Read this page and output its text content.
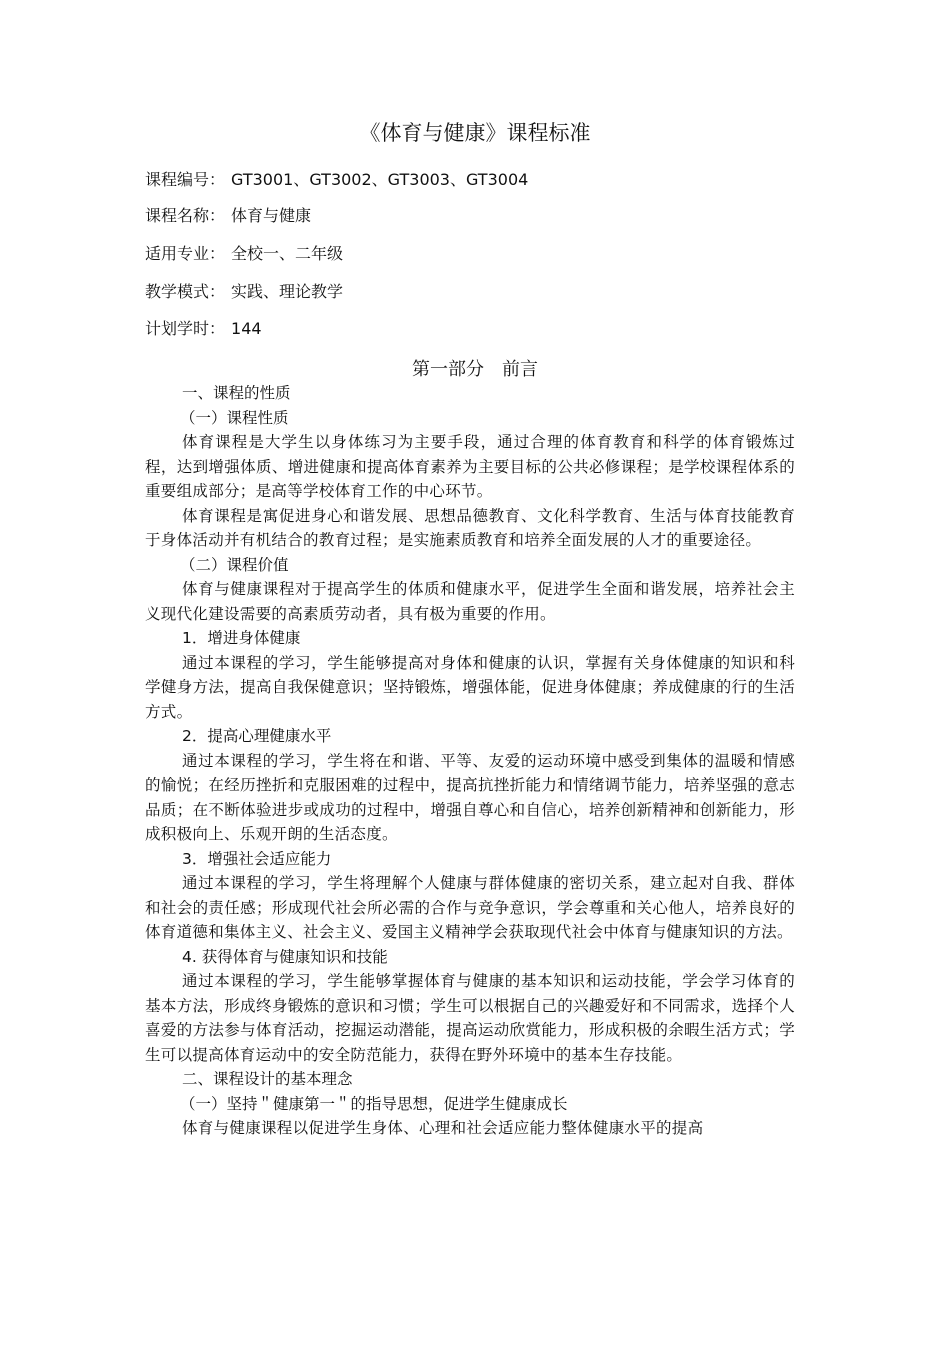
《体育与健康》课程标准
课程编号： GT3001、GT3002、GT3003、GT3004
课程名称： 体育与健康
适用专业： 全校一、二年级
教学模式： 实践、理论教学
计划学时： 144
第一部分　前言
一、课程的性质
（一）课程性质
体育课程是大学生以身体练习为主要手段，通过合理的体育教育和科学的体育锻炼过程，达到增强体质、增进健康和提高体育素养为主要目标的公共必修课程；是学校课程体系的重要组成部分；是高等学校体育工作的中心环节。
体育课程是寓促进身心和谐发展、思想品德教育、文化科学教育、生活与体育技能教育于身体活动并有机结合的教育过程；是实施素质教育和培养全面发展的人才的重要途径。
（二）课程价值
体育与健康课程对于提高学生的体质和健康水平，促进学生全面和谐发展，培养社会主义现代化建设需要的高素质劳动者，具有极为重要的作用。
1．增进身体健康
通过本课程的学习，学生能够提高对身体和健康的认识，掌握有关身体健康的知识和科学健身方法，提高自我保健意识；坚持锻炼，增强体能，促进身体健康；养成健康的行的生活方式。
2．提高心理健康水平
通过本课程的学习，学生将在和谐、平等、友爱的运动环境中感受到集体的温暖和情感的愉悦；在经历挫折和克服困难的过程中，提高抗挫折能力和情绪调节能力，培养坚强的意志品质；在不断体验进步或成功的过程中，增强自尊心和自信心，培养创新精神和创新能力，形成积极向上、乐观开朗的生活态度。
3．增强社会适应能力
通过本课程的学习，学生将理解个人健康与群体健康的密切关系，建立起对自我、群体和社会的责任感；形成现代社会所必需的合作与竞争意识，学会尊重和关心他人，培养良好的体育道德和集体主义、社会主义、爱国主义精神学会获取现代社会中体育与健康知识的方法。
4. 获得体育与健康知识和技能
通过本课程的学习，学生能够掌握体育与健康的基本知识和运动技能，学会学习体育的基本方法，形成终身锻炼的意识和习惯；学生可以根据自己的兴趣爱好和不同需求，选择个人喜爱的方法参与体育活动，挖掘运动潜能，提高运动欣赏能力，形成积极的余暇生活方式；学生可以提高体育运动中的安全防范能力，获得在野外环境中的基本生存技能。
二、课程设计的基本理念
（一）坚持＂健康第一＂的指导思想，促进学生健康成长
体育与健康课程以促进学生身体、心理和社会适应能力整体健康水平的提高
